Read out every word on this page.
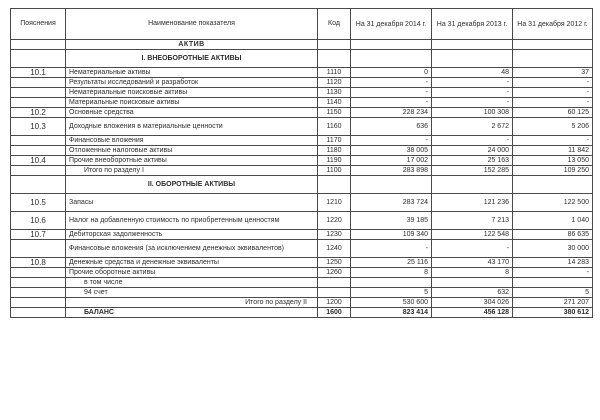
Пояснения	Наименование показателя	Код	На 31 декабря 2014 г.	На 31 декабря 2013 г.	На 31 декабря 2012 г.
	АКТИВ				
	I. ВНЕОБОРОТНЫЕ АКТИВЫ				
10.1	Нематериальные активы	1110	0	48	37
	Результаты исследований и разработок	1120	-	-	-
	Нематериальные поисковые активы	1130	-	-	-
	Материальные поисковые активы	1140	-	-	-
10.2	Основные средства	1150	228 234	100 308	60 125
10.3	Доходные вложения в материальные ценности	1160	636	2 672	5 206
	Финансовые вложения	1170	-	-	-
	Отложенные налоговые активы	1180	38 005	24 000	11 842
10.4	Прочие внеоборотные активы	1190	17 002	25 163	13 050
	Итого по разделу I	1100	283 898	152 285	109 250
	II. ОБОРОТНЫЕ АКТИВЫ				
10.5	Запасы	1210	283 724	121 236	122 500
10.6	Налог на добавленную стоимость по приобретенным ценностям	1220	39 185	7 213	1 040
10.7	Дебиторская задолженность	1230	109 340	122 548	86 635
	Финансовые вложения (за исключением денежных эквивалентов)	1240	-	-	30 000
10.8	Денежные средства и денежные эквиваленты	1250	25 116	43 170	14 283
	Прочие оборотные активы	1260	8	8	-
	в том числе				
	94 счет		5	632	5
	Итого по разделу II	1200	530 600	304 026	271 207
	БАЛАНС	1600	823 414	456 128	380 612
